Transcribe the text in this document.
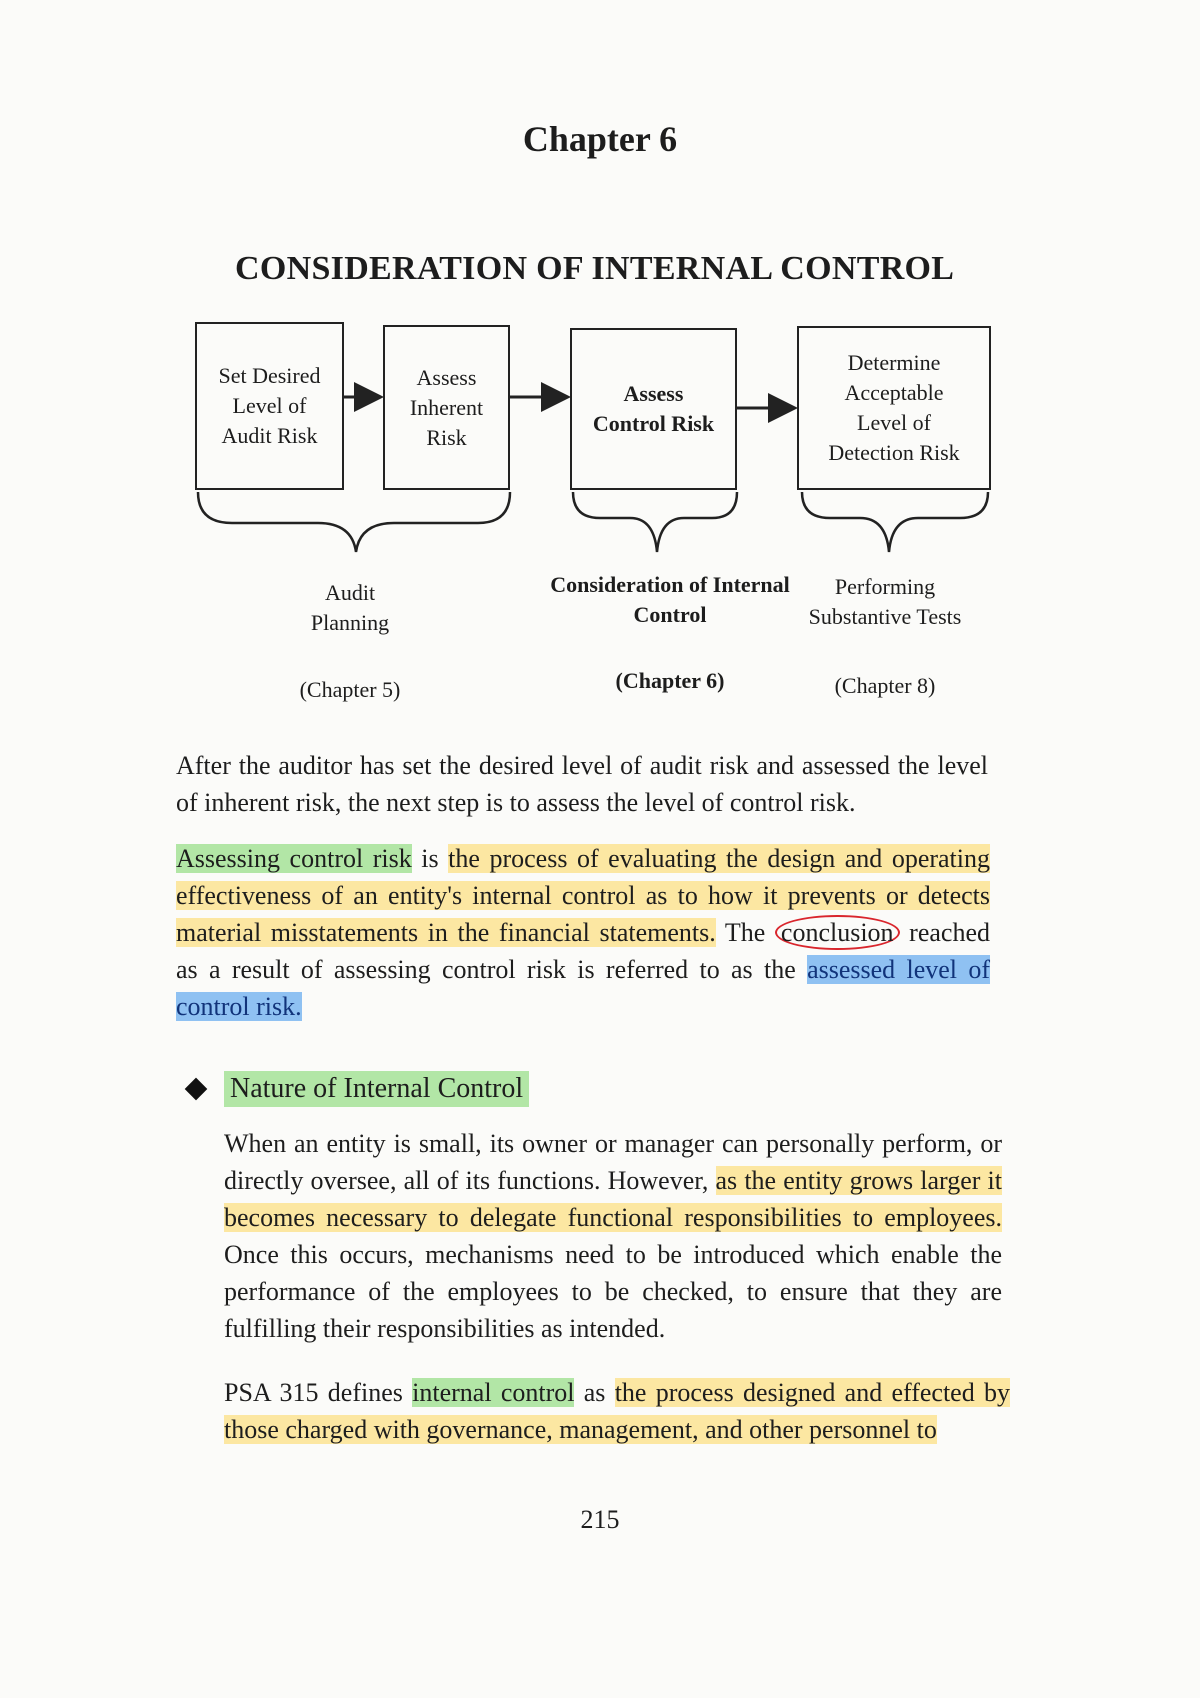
Chapter 6
CONSIDERATION OF INTERNAL CONTROL
Set Desired
Level of
Audit Risk
Assess
Inherent
Risk
Assess
Control Risk
Determine
Acceptable
Level of
Detection Risk
Audit
Planning
Consideration of Internal
Control
Performing
Substantive Tests
(Chapter 5)	(Chapter 6)	(Chapter 8)
After the auditor has set the desired level of audit risk and assessed the level of inherent risk, the next step is to assess the level of control risk.
Assessing control risk is the process of evaluating the design and operating effectiveness of an entity's internal control as to how it prevents or detects material misstatements in the financial statements. The conclusion reached as a result of assessing control risk is referred to as the assessed level of control risk.
Nature of Internal Control
When an entity is small, its owner or manager can personally perform, or directly oversee, all of its functions. However, as the entity grows larger it becomes necessary to delegate functional responsibilities to employees. Once this occurs, mechanisms need to be introduced which enable the performance of the employees to be checked, to ensure that they are fulfilling their responsibilities as intended.
PSA 315 defines internal control as the process designed and effected by those charged with governance, management, and other personnel to
215
